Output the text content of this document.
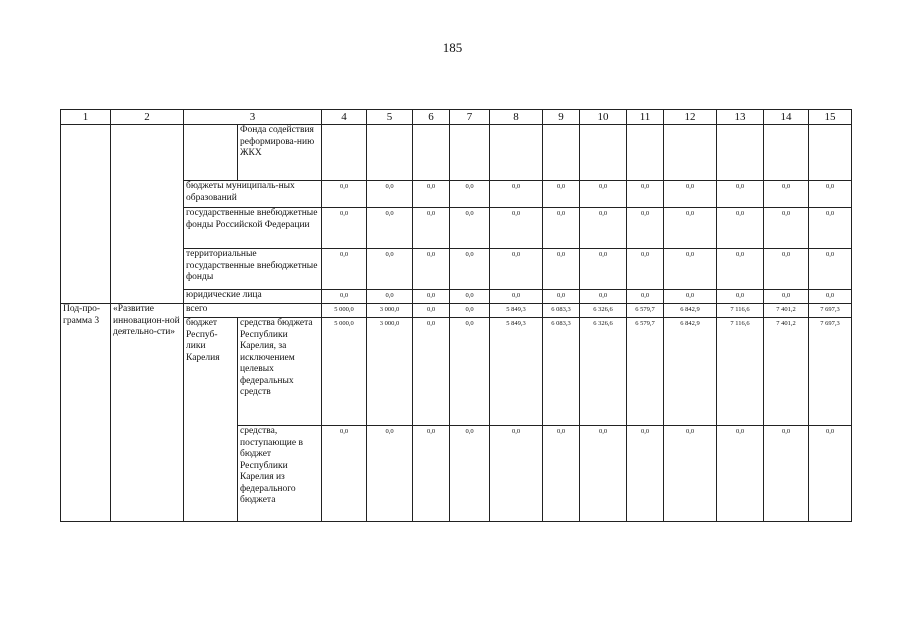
185
1	2	3		4	5	6	7	8	9	10	11	12	13	14	15
			Фонда содействия реформирова-нию ЖКХ												
		бюджеты муниципаль-ных образований		0,0	0,0	0,0	0,0	0,0	0,0	0,0	0,0	0,0	0,0	0,0	0,0
		государственные внебюджетные фонды Российской Федерации		0,0	0,0	0,0	0,0	0,0	0,0	0,0	0,0	0,0	0,0	0,0	0,0
		территориальные государственные внебюджетные фонды		0,0	0,0	0,0	0,0	0,0	0,0	0,0	0,0	0,0	0,0	0,0	0,0
		юридические лица		0,0	0,0	0,0	0,0	0,0	0,0	0,0	0,0	0,0	0,0	0,0	0,0
Под-про-грамма 3	«Развитие инновацион-ной деятельно-сти»	всего		5 000,0	3 000,0	0,0	0,0	5 849,3	6 083,3	6 326,6	6 579,7	6 842,9	7 116,6	7 401,2	7 697,3
		бюджет Респуб-лики Карелия	средства бюджета Республики Карелия, за исключением целевых федеральных средств	5 000,0	3 000,0	0,0	0,0	5 849,3	6 083,3	6 326,6	6 579,7	6 842,9	7 116,6	7 401,2	7 697,3
			средства, поступающие в бюджет Республики Карелия из федерального бюджета	0,0	0,0	0,0	0,0	0,0	0,0	0,0	0,0	0,0	0,0	0,0	0,0
